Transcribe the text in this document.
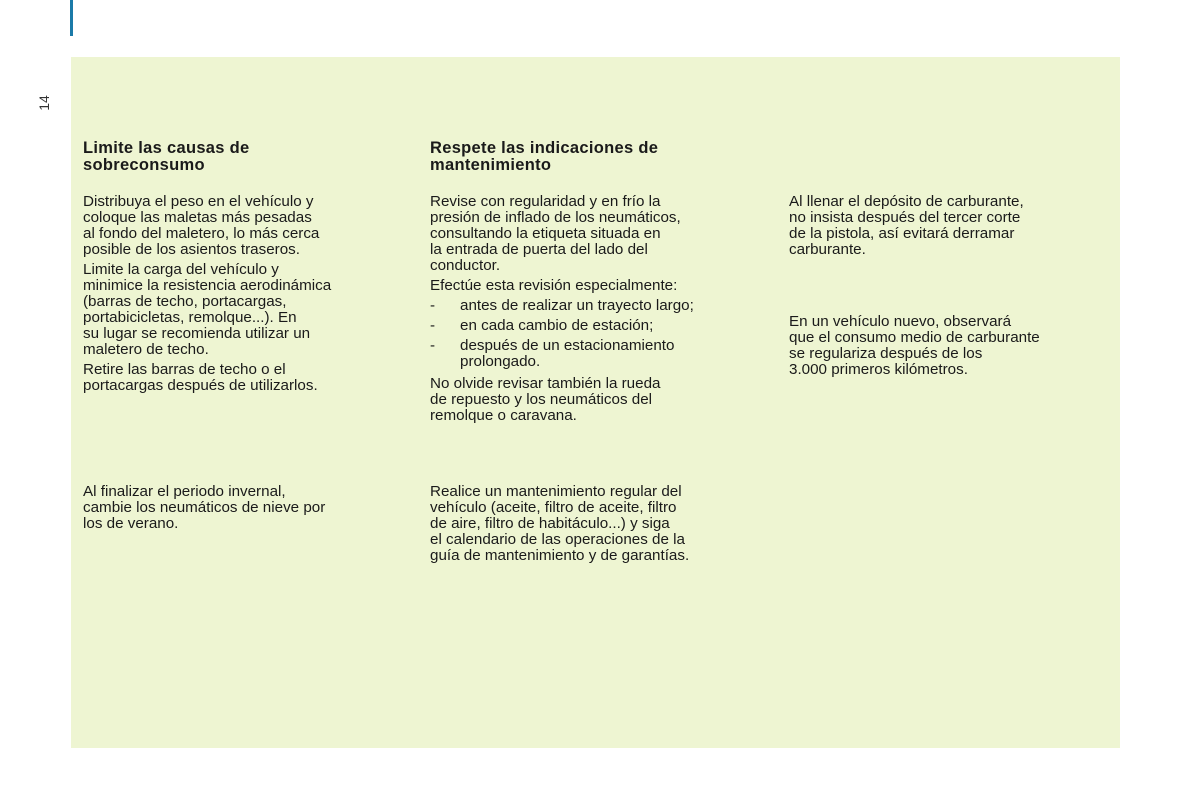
14
Limite las causas de
sobreconsumo

Distribuya el peso en el vehículo y
coloque las maletas más pesadas
al fondo del maletero, lo más cerca
posible de los asientos traseros.

Limite la carga del vehículo y
minimice la resistencia aerodinámica
(barras de techo, portacargas,
portabicicletas, remolque...). En
su lugar se recomienda utilizar un
maletero de techo.

Retire las barras de techo o el
portacargas después de utilizarlos.

Al finalizar el periodo invernal,
cambie los neumáticos de nieve por
los de verano.

Respete las indicaciones de
mantenimiento

Revise con regularidad y en frío la
presión de inflado de los neumáticos,
consultando la etiqueta situada en
la entrada de puerta del lado del
conductor.

Efectúe esta revisión especialmente:

- antes de realizar un trayecto largo;
- en cada cambio de estación;
- después de un estacionamiento
prolongado.

No olvide revisar también la rueda
de repuesto y los neumáticos del
remolque o caravana.

Realice un mantenimiento regular del
vehículo (aceite, filtro de aceite, filtro
de aire, filtro de habitáculo...) y siga
el calendario de las operaciones de la
guía de mantenimiento y de garantías.

Al llenar el depósito de carburante,
no insista después del tercer corte
de la pistola, así evitará derramar
carburante.

En un vehículo nuevo, observará
que el consumo medio de carburante
se regulariza después de los
3.000 primeros kilómetros.
